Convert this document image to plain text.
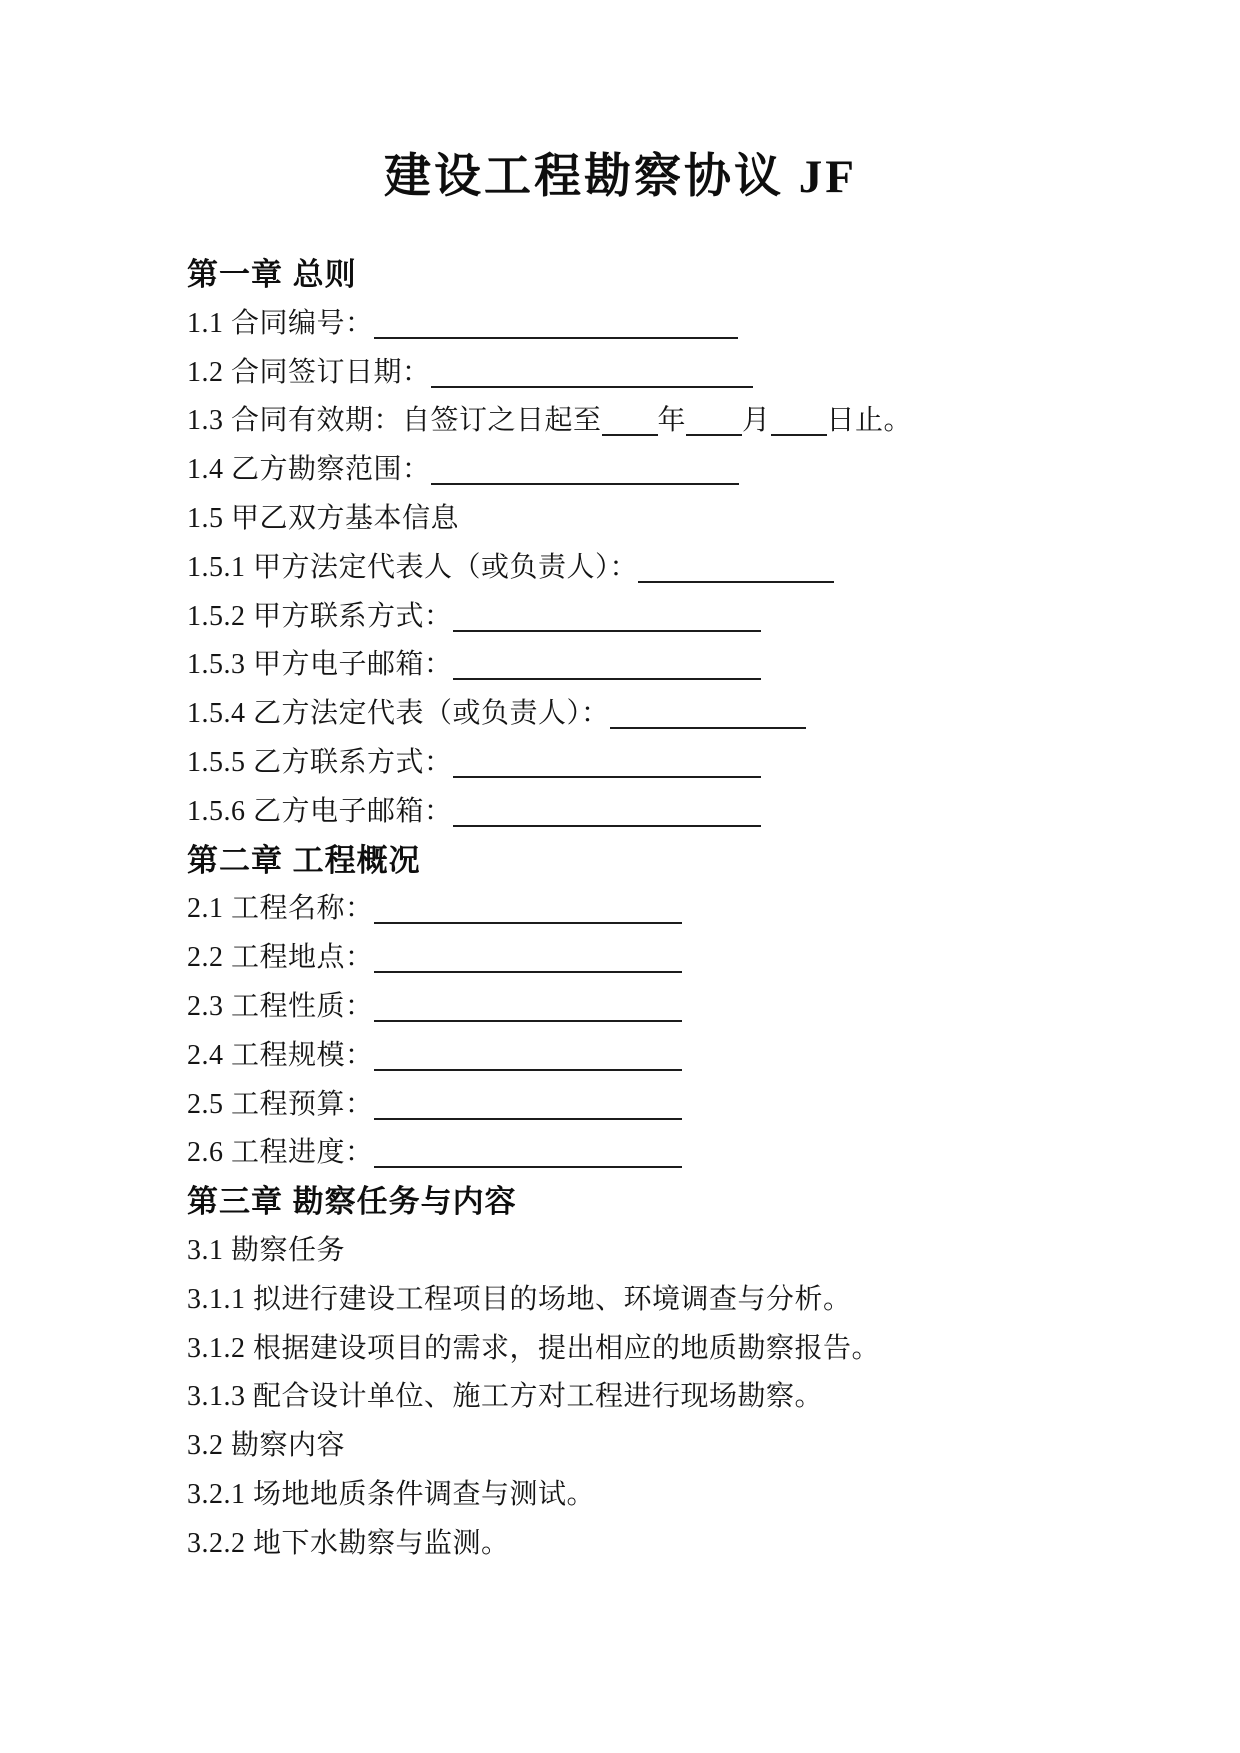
建设工程勘察协议 JF

第一章 总则

1.1 合同编号：

1.2 合同签订日期：

1.3 合同有效期：自签订之日起至 年 月 日止。

1.4 乙方勘察范围：

1.5 甲乙双方基本信息

1.5.1 甲方法定代表人（或负责人）：

1.5.2 甲方联系方式：

1.5.3 甲方电子邮箱：

1.5.4 乙方法定代表（或负责人）：

1.5.5 乙方联系方式：

1.5.6 乙方电子邮箱：

第二章 工程概况

2.1 工程名称：

2.2 工程地点：

2.3 工程性质：

2.4 工程规模：

2.5 工程预算：

2.6 工程进度：

第三章 勘察任务与内容

3.1 勘察任务

3.1.1 拟进行建设工程项目的场地、环境调查与分析。

3.1.2 根据建设项目的需求，提出相应的地质勘察报告。

3.1.3 配合设计单位、施工方对工程进行现场勘察。

3.2 勘察内容

3.2.1 场地地质条件调查与测试。

3.2.2 地下水勘察与监测。
